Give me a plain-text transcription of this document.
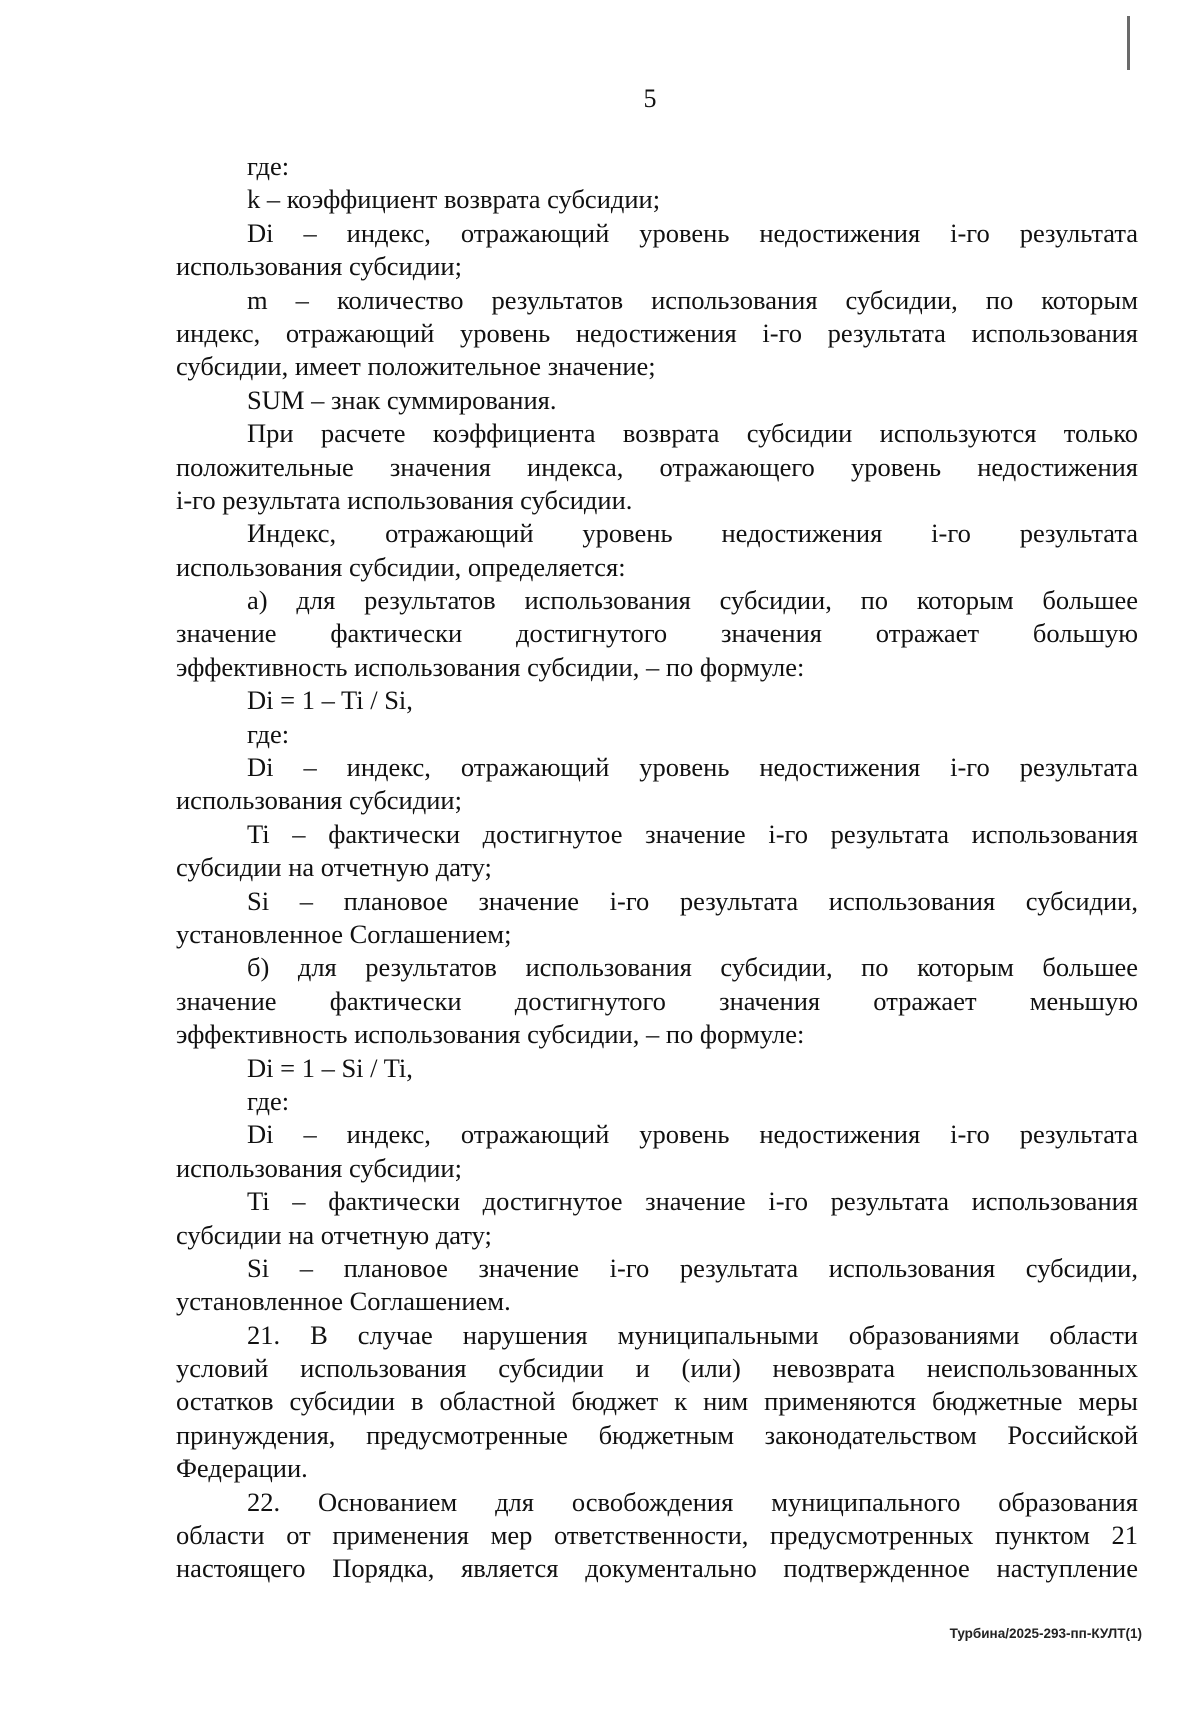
5
где:
k – коэффициент возврата субсидии;
Di – индекс, отражающий уровень недостижения i-го результата
использования субсидии;
m – количество результатов использования субсидии, по которым
индекс, отражающий уровень недостижения i-го результата использования
субсидии, имеет положительное значение;
SUM – знак суммирования.
При расчете коэффициента возврата субсидии используются только
положительные значения индекса, отражающего уровень недостижения
i-го результата использования субсидии.
Индекс, отражающий уровень недостижения i-го результата
использования субсидии, определяется:
а) для результатов использования субсидии, по которым большее
значение фактически достигнутого значения отражает большую
эффективность использования субсидии, – по формуле:
Di = 1 – Ti / Si,
где:
Di – индекс, отражающий уровень недостижения i-го результата
использования субсидии;
Ti – фактически достигнутое значение i-го результата использования
субсидии на отчетную дату;
Si – плановое значение i-го результата использования субсидии,
установленное Соглашением;
б) для результатов использования субсидии, по которым большее
значение фактически достигнутого значения отражает меньшую
эффективность использования субсидии, – по формуле:
Di = 1 – Si / Ti,
где:
Di – индекс, отражающий уровень недостижения i-го результата
использования субсидии;
Ti – фактически достигнутое значение i-го результата использования
субсидии на отчетную дату;
Si – плановое значение i-го результата использования субсидии,
установленное Соглашением.
21. В случае нарушения муниципальными образованиями области
условий использования субсидии и (или) невозврата неиспользованных
остатков субсидии в областной бюджет к ним применяются бюджетные меры
принуждения, предусмотренные бюджетным законодательством Российской
Федерации.
22. Основанием для освобождения муниципального образования
области от применения мер ответственности, предусмотренных пунктом 21
настоящего Порядка, является документально подтвержденное наступление
Турбина/2025-293-пп-КУЛТ(1)
